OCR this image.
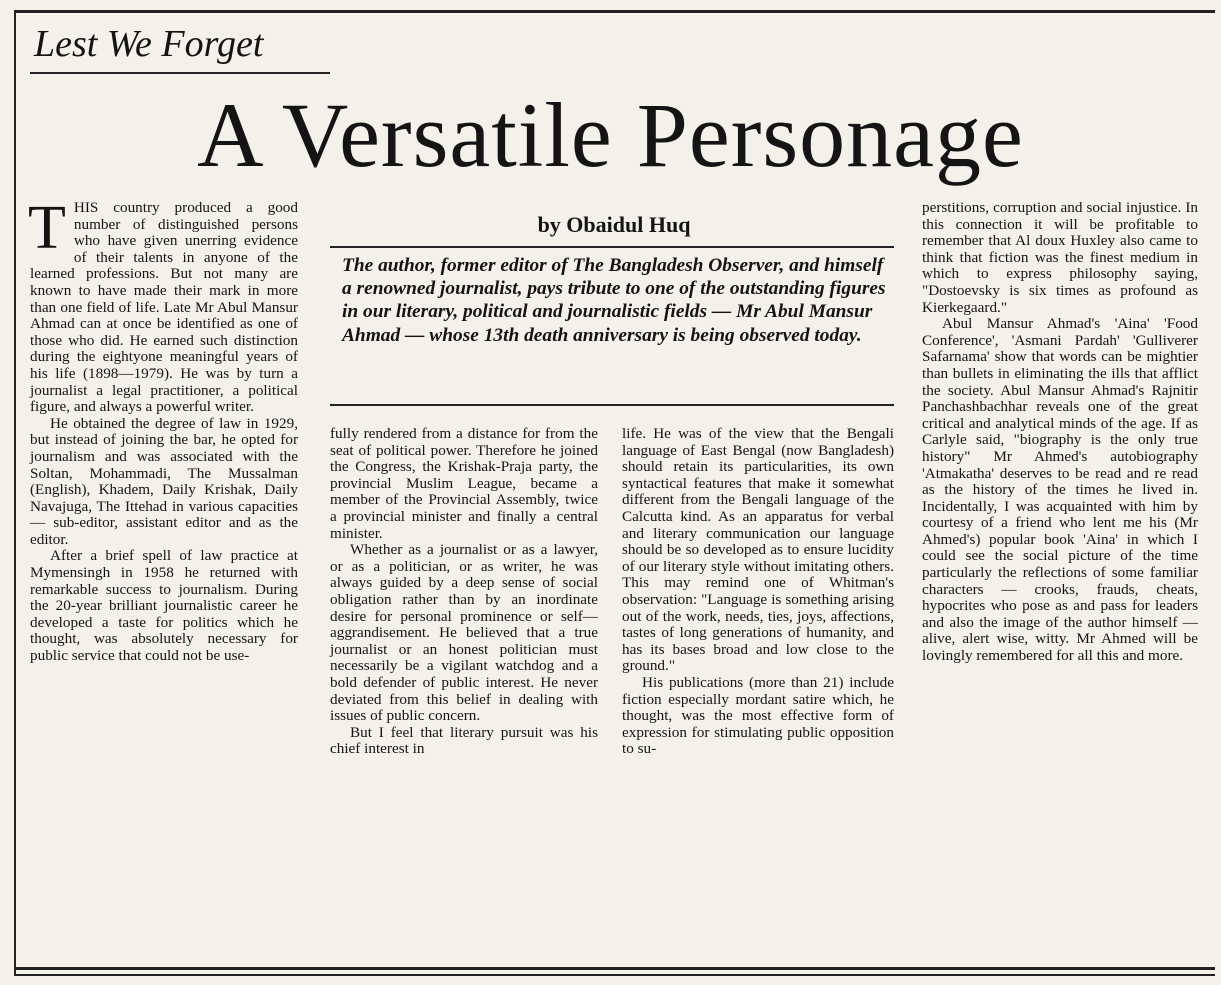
Lest We Forget
A Versatile Personage

THIS country produced a good number of distinguished persons who have given unerring evidence of their talents in anyone of the learned professions. But not many are known to have made their mark in more than one field of life. Late Mr Abul Mansur Ahmad can at once be identified as one of those who did. He earned such distinction during the eightyone meaningful years of his life (1898—1979). He was by turn a journalist a legal practitioner, a political figure, and always a powerful writer.

He obtained the degree of law in 1929, but instead of joining the bar, he opted for journalism and was associated with the Soltan, Mohammadi, The Mussalman (English), Khadem, Daily Krishak, Daily Navajuga, The Ittehad in various capacities — sub-editor, assistant editor and as the editor.

After a brief spell of law practice at Mymensingh in 1958 he returned with remarkable success to journalism. During the 20-year brilliant journalistic career he developed a taste for politics which he thought, was absolutely necessary for public service that could not be use-

by Obaidul Huq

The author, former editor of The Bangladesh Observer, and himself a renowned journalist, pays tribute to one of the outstanding figures in our literary, political and journalistic fields — Mr Abul Mansur Ahmad — whose 13th death anniversary is being observed today.

fully rendered from a distance for from the seat of political power. Therefore he joined the Congress, the Krishak-Praja party, the provincial Muslim League, became a member of the Provincial Assembly, twice a provincial minister and finally a central minister.

Whether as a journalist or as a lawyer, or as a politician, or as writer, he was always guided by a deep sense of social obligation rather than by an inordinate desire for personal prominence or self—aggrandisement. He believed that a true journalist or an honest politician must necessarily be a vigilant watchdog and a bold defender of public interest. He never deviated from this belief in dealing with issues of public concern.

But I feel that literary pursuit was his chief interest in

life. He was of the view that the Bengali language of East Bengal (now Bangladesh) should retain its particularities, its own syntactical features that make it somewhat different from the Bengali language of the Calcutta kind. As an apparatus for verbal and literary communication our language should be so developed as to ensure lucidity of our literary style without imitating others. This may remind one of Whitman's observation: "Language is something arising out of the work, needs, ties, joys, affections, tastes of long generations of humanity, and has its bases broad and low close to the ground."

His publications (more than 21) include fiction especially mordant satire which, he thought, was the most effective form of expression for stimulating public opposition to su-

perstitions, corruption and social injustice. In this connection it will be profitable to remember that Al doux Huxley also came to think that fiction was the finest medium in which to express philosophy saying, "Dostoevsky is six times as profound as Kierkegaard."

Abul Mansur Ahmad's 'Aina' 'Food Conference', 'Asmani Pardah' 'Gulliverer Safarnama' show that words can be mightier than bullets in eliminating the ills that afflict the society. Abul Mansur Ahmad's Rajnitir Panchashbachhar reveals one of the great critical and analytical minds of the age. If as Carlyle said, "biography is the only true history" Mr Ahmed's autobiography 'Atmakatha' deserves to be read and re read as the history of the times he lived in. Incidentally, I was acquainted with him by courtesy of a friend who lent me his (Mr Ahmed's) popular book 'Aina' in which I could see the social picture of the time particularly the reflections of some familiar characters — crooks, frauds, cheats, hypocrites who pose as and pass for leaders and also the image of the author himself — alive, alert wise, witty. Mr Ahmed will be lovingly remembered for all this and more.
